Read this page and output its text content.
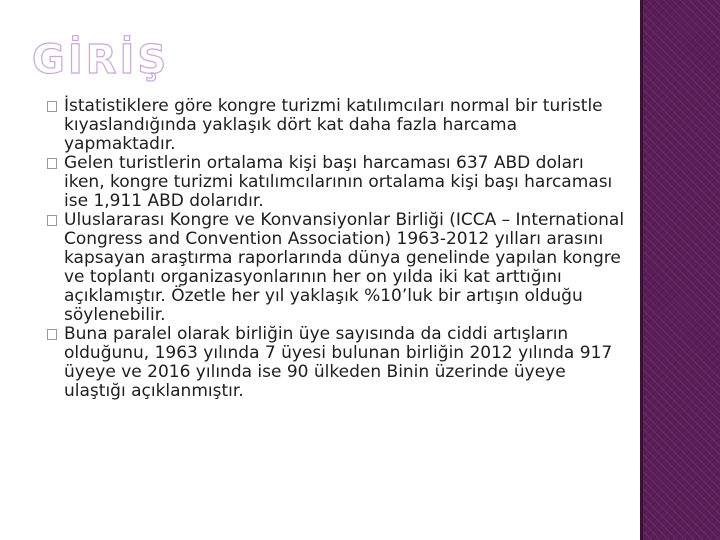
GİRİŞ
İstatistiklere göre kongre turizmi katılımcıları normal bir turistle kıyaslandığında yaklaşık dört kat daha fazla harcama yapmaktadır.
Gelen turistlerin ortalama kişi başı harcaması 637 ABD doları iken, kongre turizmi katılımcılarının ortalama kişi başı harcaması ise 1,911 ABD dolarıdır.
Uluslararası Kongre ve Konvansiyonlar Birliği (ICCA – International Congress and Convention Association) 1963-2012 yılları arasını kapsayan araştırma raporlarında dünya genelinde yapılan kongre ve toplantı organizasyonlarının her on yılda iki kat arttığını açıklamıştır. Özetle her yıl yaklaşık %10’luk bir artışın olduğu söylenebilir.
Buna paralel olarak birliğin üye sayısında da ciddi artışların olduğunu, 1963 yılında 7 üyesi bulunan birliğin 2012 yılında 917 üyeye ve 2016 yılında ise 90 ülkeden Binin üzerinde üyeye ulaştığı açıklanmıştır.
